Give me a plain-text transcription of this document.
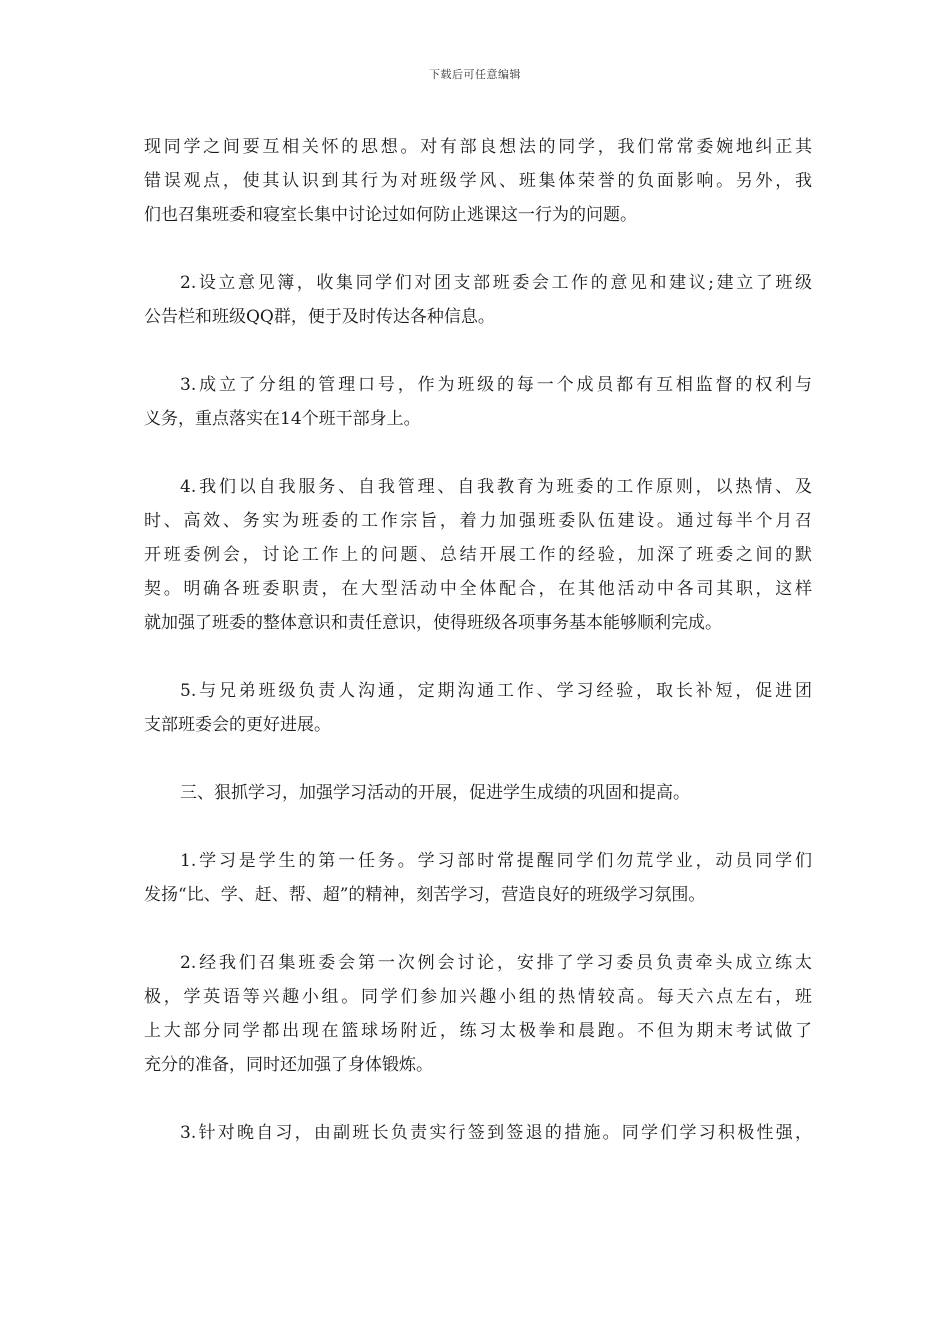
下载后可任意编辑

现同学之间要互相关怀的思想。对有部良想法的同学，我们常常委婉地纠正其
错误观点，使其认识到其行为对班级学风、班集体荣誉的负面影响。另外，我
们也召集班委和寝室长集中讨论过如何防止逃课这一行为的问题。

2.设立意见簿，收集同学们对团支部班委会工作的意见和建议;建立了班级
公告栏和班级QQ群，便于及时传达各种信息。

3.成立了分组的管理口号，作为班级的每一个成员都有互相监督的权利与
义务，重点落实在14个班干部身上。

4.我们以自我服务、自我管理、自我教育为班委的工作原则，以热情、及
时、高效、务实为班委的工作宗旨，着力加强班委队伍建设。通过每半个月召
开班委例会，讨论工作上的问题、总结开展工作的经验，加深了班委之间的默
契。明确各班委职责，在大型活动中全体配合，在其他活动中各司其职，这样
就加强了班委的整体意识和责任意识，使得班级各项事务基本能够顺利完成。

5.与兄弟班级负责人沟通，定期沟通工作、学习经验，取长补短，促进团
支部班委会的更好进展。

三、狠抓学习，加强学习活动的开展，促进学生成绩的巩固和提高。

1.学习是学生的第一任务。学习部时常提醒同学们勿荒学业，动员同学们
发扬“比、学、赶、帮、超”的精神，刻苦学习，营造良好的班级学习氛围。

2.经我们召集班委会第一次例会讨论，安排了学习委员负责牵头成立练太
极，学英语等兴趣小组。同学们参加兴趣小组的热情较高。每天六点左右，班
上大部分同学都出现在篮球场附近，练习太极拳和晨跑。不但为期末考试做了
充分的准备，同时还加强了身体锻炼。

3.针对晚自习，由副班长负责实行签到签退的措施。同学们学习积极性强，
